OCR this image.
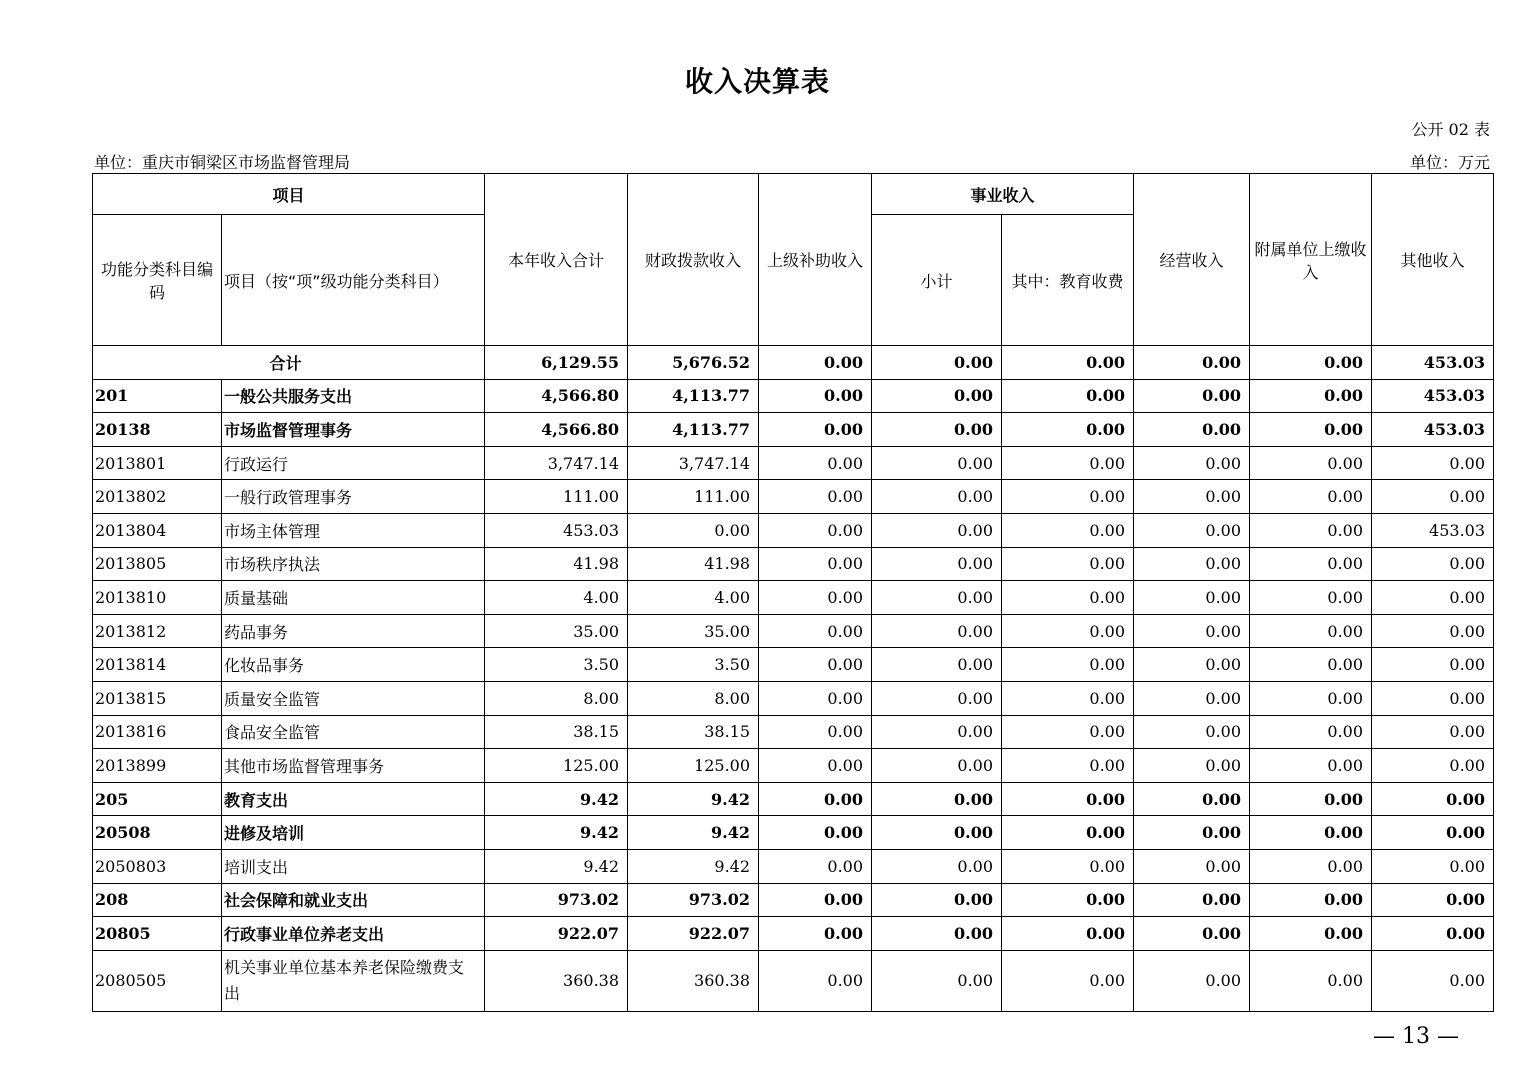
收入决算表
公开 02 表
单位：重庆市铜梁区市场监督管理局	单位：万元
项目		本年收入合计	财政拨款收入	上级补助收入	事业收入		经营收入	附属单位上缴收入	其他收入
功能分类科目编码	项目（按“项”级功能分类科目）				小计	其中：教育收费			
合计		6,129.55	5,676.52	0.00	0.00	0.00	0.00	0.00	453.03
201	一般公共服务支出	4,566.80	4,113.77	0.00	0.00	0.00	0.00	0.00	453.03
20138	市场监督管理事务	4,566.80	4,113.77	0.00	0.00	0.00	0.00	0.00	453.03
2013801	行政运行	3,747.14	3,747.14	0.00	0.00	0.00	0.00	0.00	0.00
2013802	一般行政管理事务	111.00	111.00	0.00	0.00	0.00	0.00	0.00	0.00
2013804	市场主体管理	453.03	0.00	0.00	0.00	0.00	0.00	0.00	453.03
2013805	市场秩序执法	41.98	41.98	0.00	0.00	0.00	0.00	0.00	0.00
2013810	质量基础	4.00	4.00	0.00	0.00	0.00	0.00	0.00	0.00
2013812	药品事务	35.00	35.00	0.00	0.00	0.00	0.00	0.00	0.00
2013814	化妆品事务	3.50	3.50	0.00	0.00	0.00	0.00	0.00	0.00
2013815	质量安全监管	8.00	8.00	0.00	0.00	0.00	0.00	0.00	0.00
2013816	食品安全监管	38.15	38.15	0.00	0.00	0.00	0.00	0.00	0.00
2013899	其他市场监督管理事务	125.00	125.00	0.00	0.00	0.00	0.00	0.00	0.00
205	教育支出	9.42	9.42	0.00	0.00	0.00	0.00	0.00	0.00
20508	进修及培训	9.42	9.42	0.00	0.00	0.00	0.00	0.00	0.00
2050803	培训支出	9.42	9.42	0.00	0.00	0.00	0.00	0.00	0.00
208	社会保障和就业支出	973.02	973.02	0.00	0.00	0.00	0.00	0.00	0.00
20805	行政事业单位养老支出	922.07	922.07	0.00	0.00	0.00	0.00	0.00	0.00
2080505	机关事业单位基本养老保险缴费支出	360.38	360.38	0.00	0.00	0.00	0.00	0.00	0.00
— 13 —
